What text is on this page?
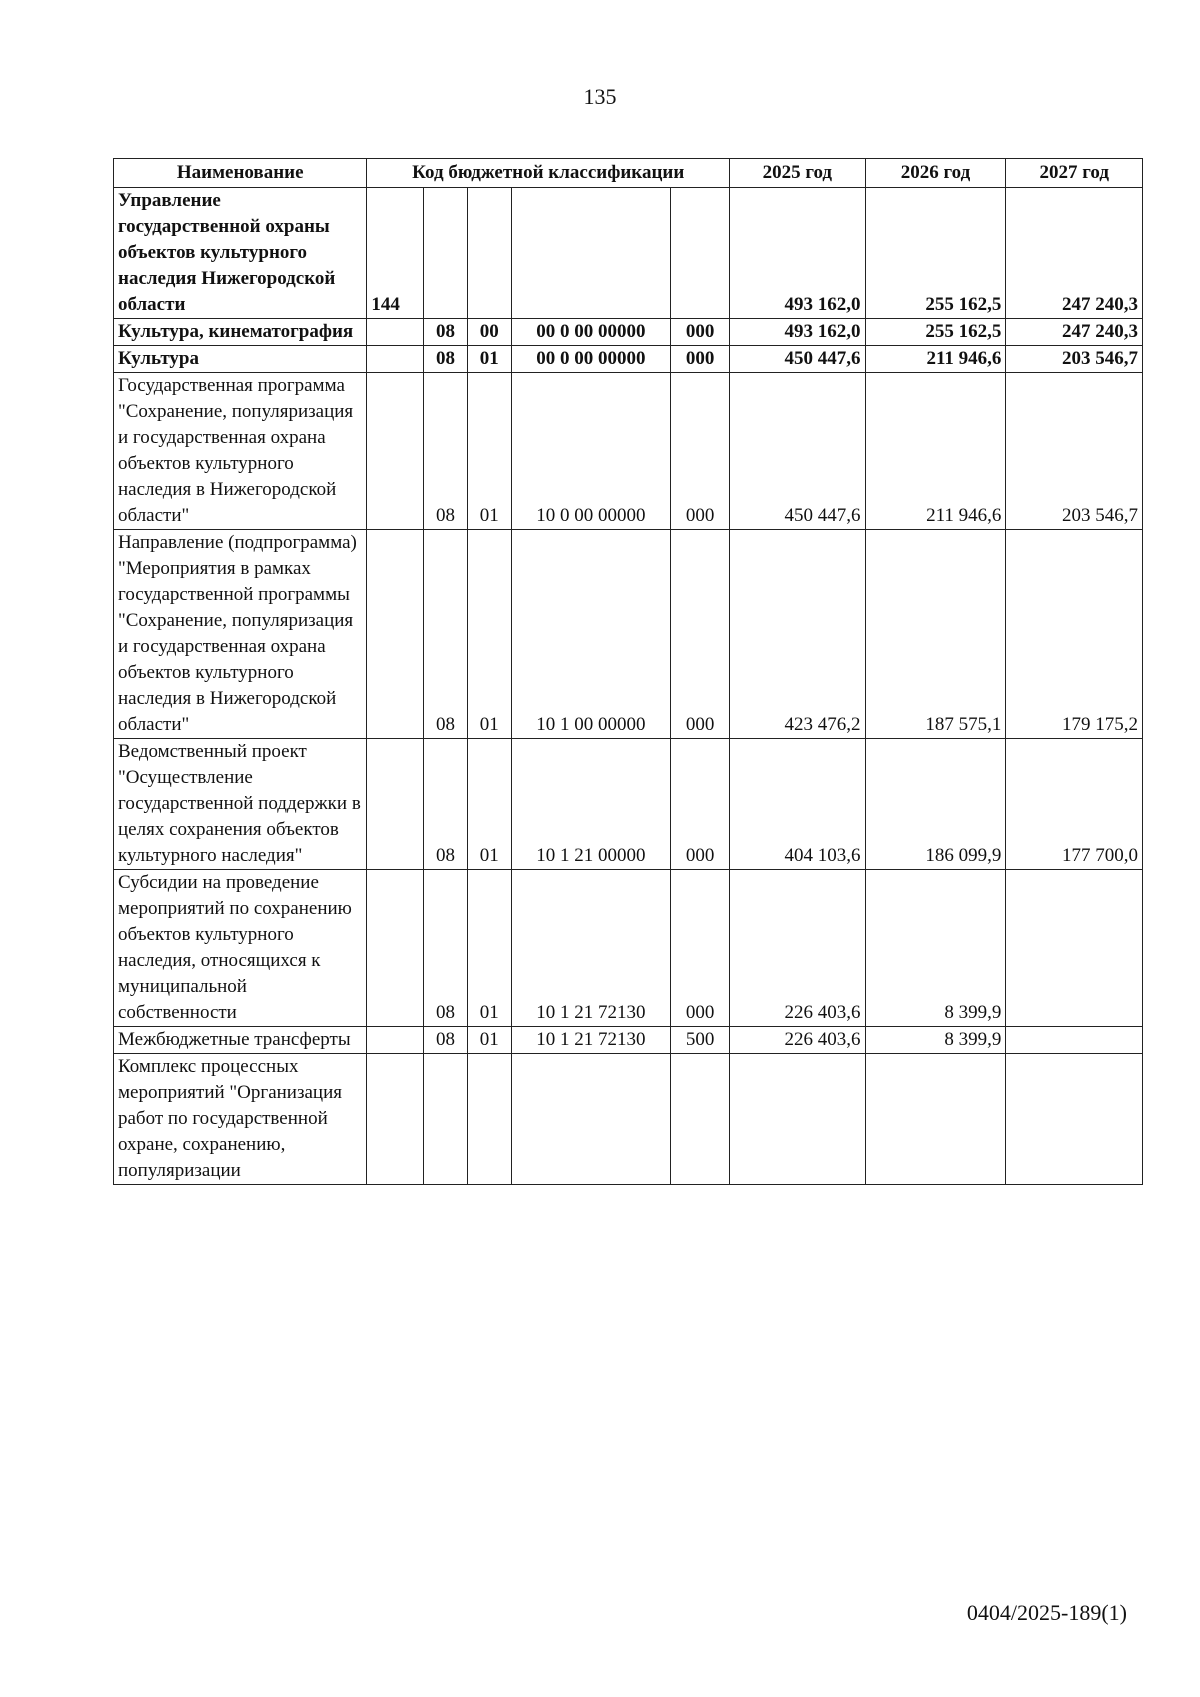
135
Наименование	Код бюджетной классификации					2025 год	2026 год	2027 год
Управление государственной охраны объектов культурного наследия Нижегородской области	144					493 162,0	255 162,5	247 240,3
Культура, кинематография		08	00	00 0 00 00000	000	493 162,0	255 162,5	247 240,3
Культура		08	01	00 0 00 00000	000	450 447,6	211 946,6	203 546,7
Государственная программа "Сохранение, популяризация и государственная охрана объектов культурного наследия в Нижегородской области"		08	01	10 0 00 00000	000	450 447,6	211 946,6	203 546,7
Направление (подпрограмма) "Мероприятия в рамках государственной программы "Сохранение, популяризация и государственная охрана объектов культурного наследия в Нижегородской области"		08	01	10 1 00 00000	000	423 476,2	187 575,1	179 175,2
Ведомственный проект "Осуществление государственной поддержки в целях сохранения объектов культурного наследия"		08	01	10 1 21 00000	000	404 103,6	186 099,9	177 700,0
Субсидии на проведение мероприятий по сохранению объектов культурного наследия, относящихся к муниципальной собственности		08	01	10 1 21 72130	000	226 403,6	8 399,9	
Межбюджетные трансферты		08	01	10 1 21 72130	500	226 403,6	8 399,9	
Комплекс процессных мероприятий "Организация работ по государственной охране, сохранению, популяризации								
0404/2025-189(1)
